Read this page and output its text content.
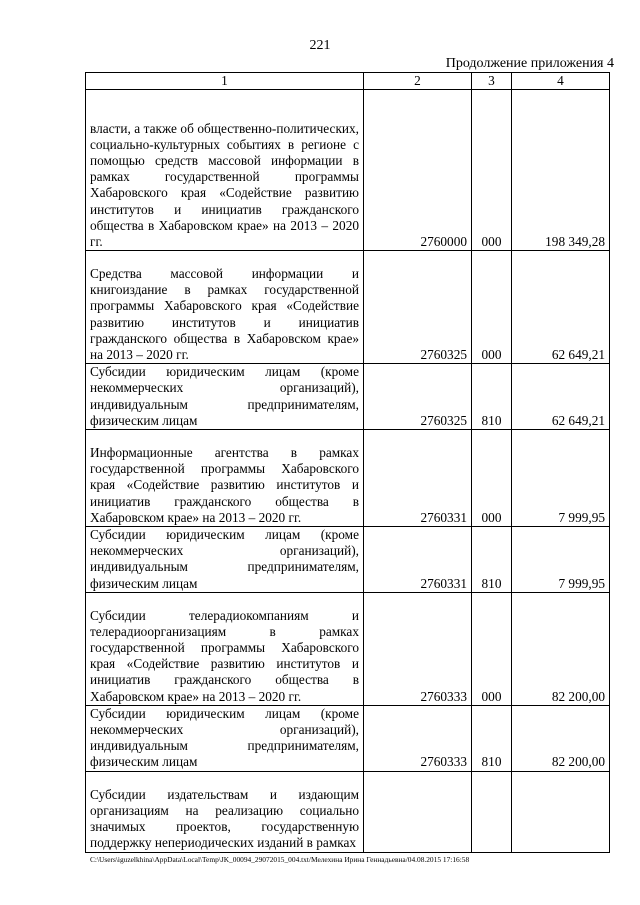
221
Продолжение приложения 4
1	2	3	4
власти, а также об общественно-политических, социально-культурных событиях в регионе с помощью средств массовой информации в рамках государственной программы Хабаровского края «Содействие развитию институтов и инициатив гражданского общества в Хабаровском крае» на 2013 – 2020 гг.	2760000	000	198 349,28
Средства массовой информации и книгоиздание в рамках государственной программы Хабаровского края «Содействие развитию институтов и инициатив гражданского общества в Хабаровском крае» на 2013 – 2020 гг.	2760325	000	62 649,21
Субсидии юридическим лицам (кроме некоммерческих организаций), индивидуальным предпринимателям, физическим лицам	2760325	810	62 649,21
Информационные агентства в рамках государственной программы Хабаровского края «Содействие развитию институтов и инициатив гражданского общества в Хабаровском крае» на 2013 – 2020 гг.	2760331	000	7 999,95
Субсидии юридическим лицам (кроме некоммерческих организаций), индивидуальным предпринимателям, физическим лицам	2760331	810	7 999,95
Субсидии телерадиокомпаниям и телерадиоорганизациям в рамках государственной программы Хабаровского края «Содействие развитию институтов и инициатив гражданского общества в Хабаровском крае» на 2013 – 2020 гг.	2760333	000	82 200,00
Субсидии юридическим лицам (кроме некоммерческих организаций), индивидуальным предпринимателям, физическим лицам	2760333	810	82 200,00
Субсидии издательствам и издающим организациям на реализацию социально значимых проектов, государственную поддержку непериодических изданий в рамках			
C:\Users\iguzelkhina\AppData\Local\Temp\JK_00094_29072015_004.txt/Мелехина Ирина Геннадьевна/04.08.2015 17:16:58
